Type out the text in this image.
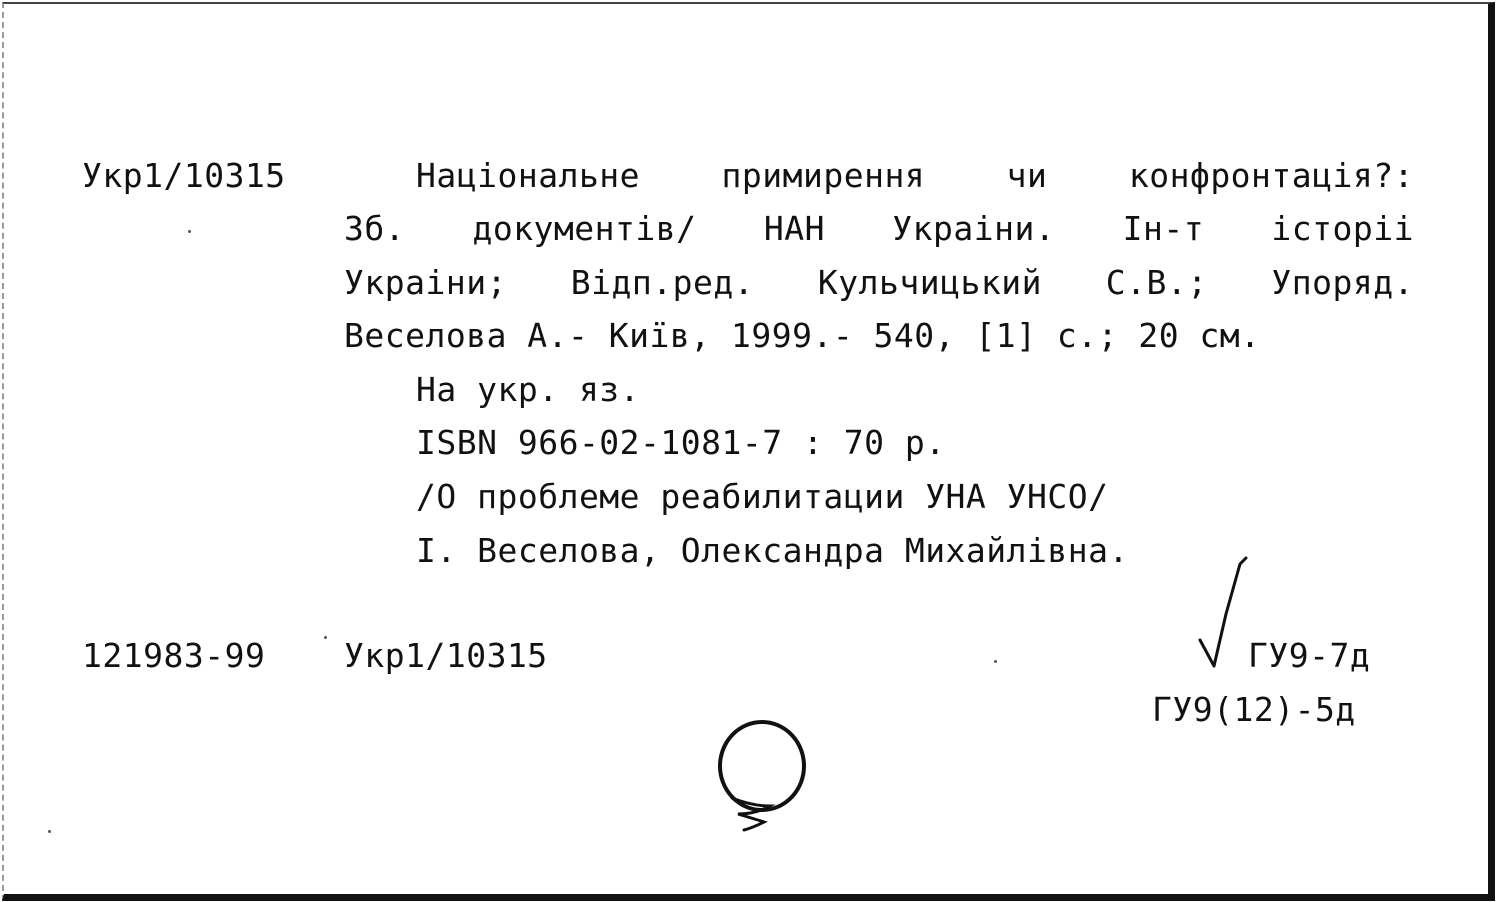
Укр1/10315	Національне примирення чи конфронтація?:
Зб. документів/ НАН Украіни. Ін-т історіі
Украіни; Відп.ред. Кульчицький С.В.; Упоряд.
Веселова А.- Київ, 1999.- 540, [1] с.; 20 см.
На укр. яз.
ISBN 966-02-1081-7 : 70 р.
/О проблеме реабилитации УНА УНСО/
I. Веселова, Олександра Михайлівна.
121983-99 Укр1/10315	ГУ9-7д
ГУ9(12)-5д
